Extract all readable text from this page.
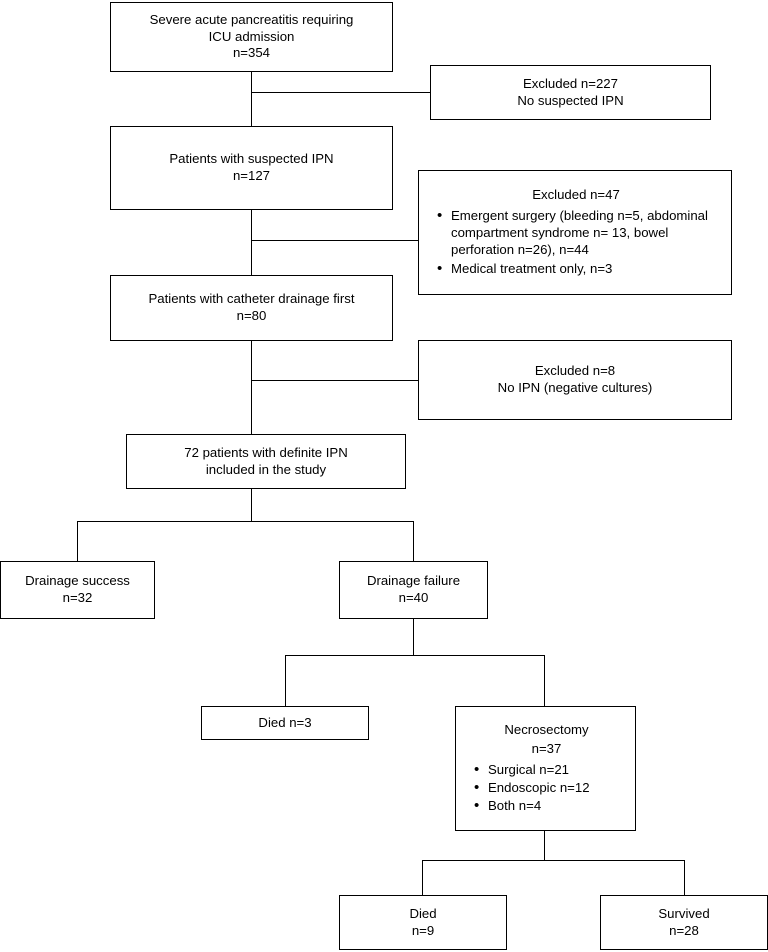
Severe acute pancreatitis requiring
ICU admission
n=354
Excluded n=227
No suspected IPN
Patients with suspected IPN
n=127
Excluded n=47
• Emergent surgery (bleeding n=5, abdominal compartment syndrome n= 13, bowel perforation n=26), n=44
• Medical treatment only, n=3
Patients with catheter drainage first
n=80
Excluded n=8
No IPN (negative cultures)
72 patients with definite IPN
included in the study
Drainage success
n=32
Drainage failure
n=40
Died n=3	Necrosectomy
n=37
• Surgical n=21
• Endoscopic n=12
• Both n=4
Died
n=9
Survived
n=28
